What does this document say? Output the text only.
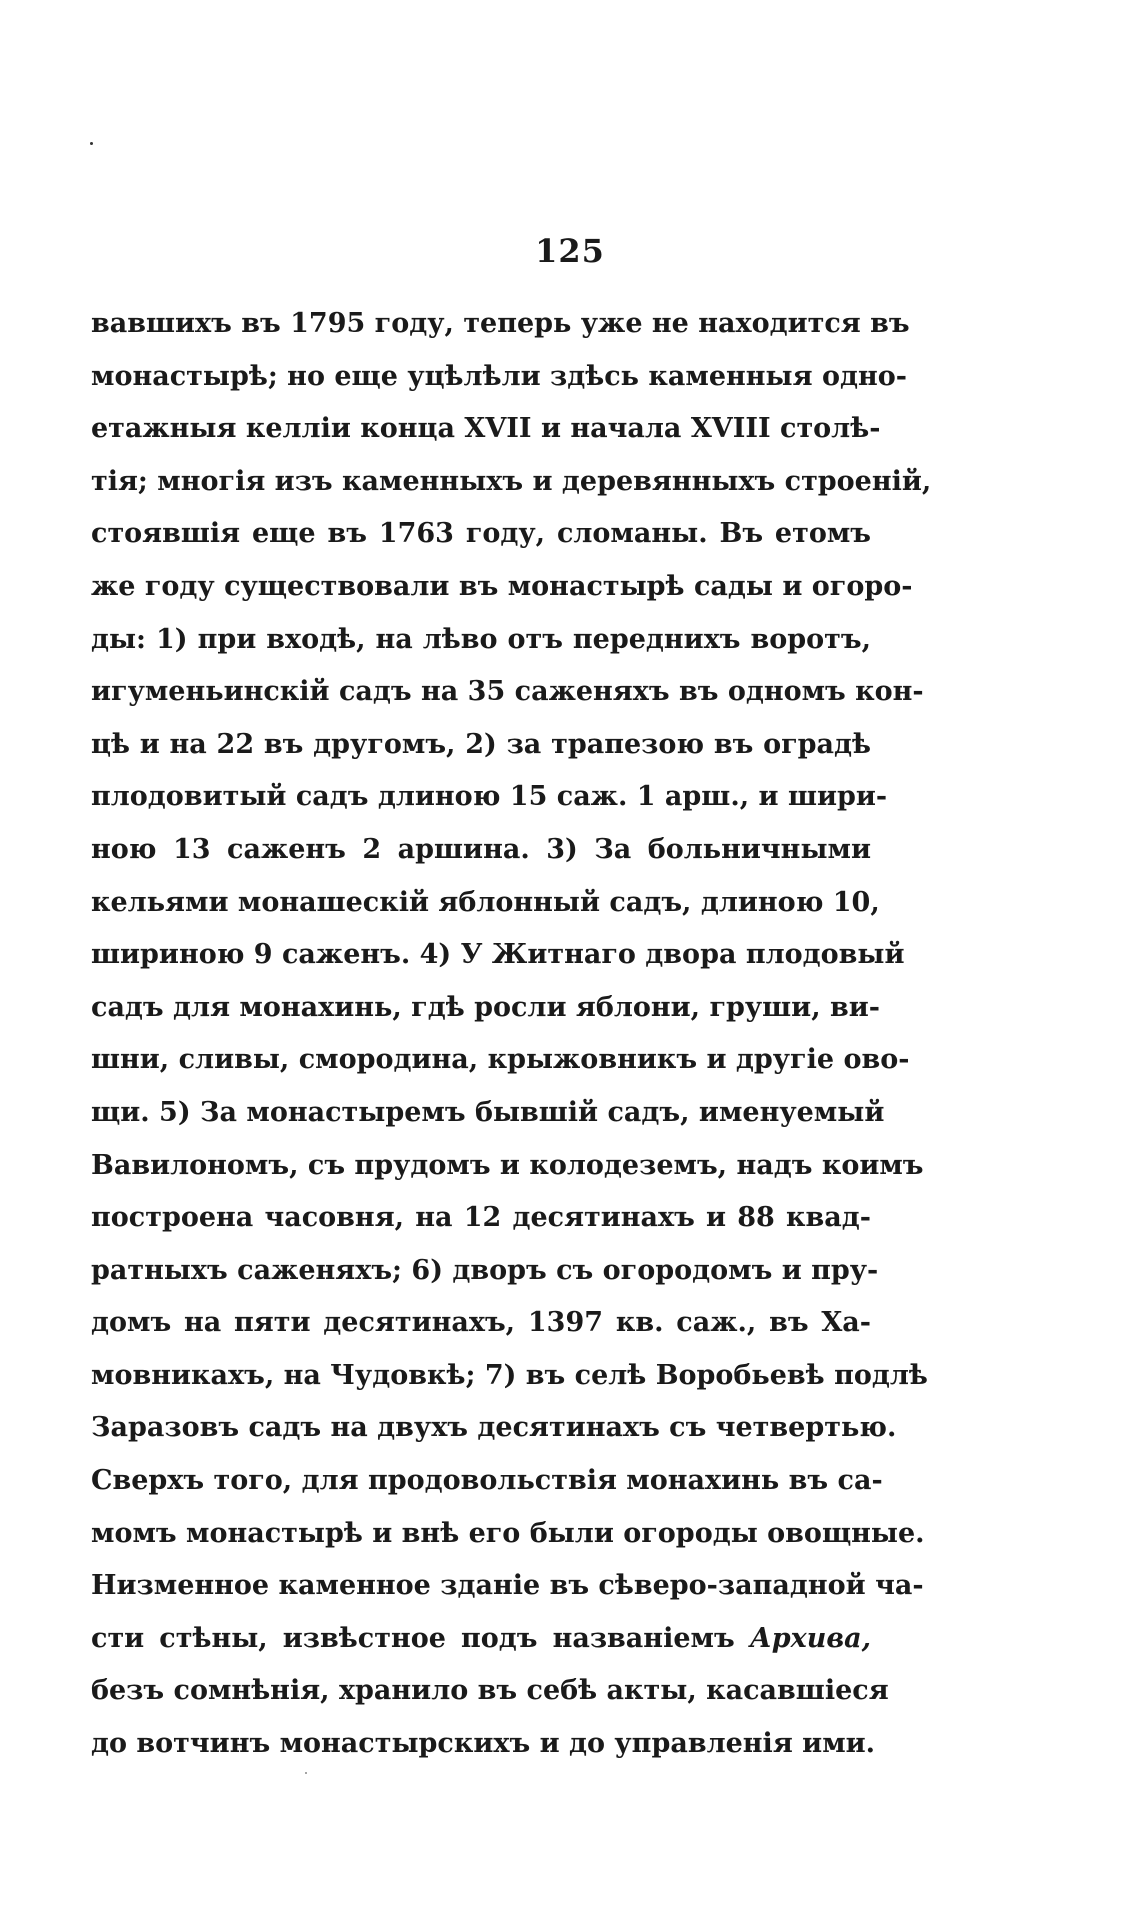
125
вавшихъ въ 1795 году, теперь уже не находится въ
монастырѣ; но еще уцѣлѣли здѣсь каменныя одно-
етажныя келліи конца XVII и начала XVIII столѣ-
тія; многія изъ каменныхъ и деревянныхъ строеній,
стоявшія еще въ 1763 году, сломаны. Въ етомъ
же году существовали въ монастырѣ сады и огоро-
ды: 1) при входѣ, на лѣво отъ переднихъ воротъ,
игуменьинскій садъ на 35 саженяхъ въ одномъ кон-
цѣ и на 22 въ другомъ, 2) за трапезою въ оградѣ
плодовитый садъ длиною 15 саж. 1 арш., и шири-
ною 13 саженъ 2 аршина. 3) За больничными
кельями монашескій яблонный садъ, длиною 10,
шириною 9 саженъ. 4) У Житнаго двора плодовый
садъ для монахинь, гдѣ росли яблони, груши, ви-
шни, сливы, смородина, крыжовникъ и другіе ово-
щи. 5) За монастыремъ бывшій садъ, именуемый
Вавилономъ, съ прудомъ и колодеземъ, надъ коимъ
построена часовня, на 12 десятинахъ и 88 квад-
ратныхъ саженяхъ; 6) дворъ съ огородомъ и пру-
домъ на пяти десятинахъ, 1397 кв. саж., въ Ха-
мовникахъ, на Чудовкѣ; 7) въ селѣ Воробьевѣ подлѣ
Заразовъ садъ на двухъ десятинахъ съ четвертью.
Сверхъ того, для продовольствія монахинь въ са-
момъ монастырѣ и внѣ его были огороды овощные.
Низменное каменное зданіе въ сѣверо-западной ча-
сти стѣны, извѣстное подъ названіемъ Архива,
безъ сомнѣнія, хранило въ себѣ акты, касавшіеся
до вотчинъ монастырскихъ и до управленія ими.
